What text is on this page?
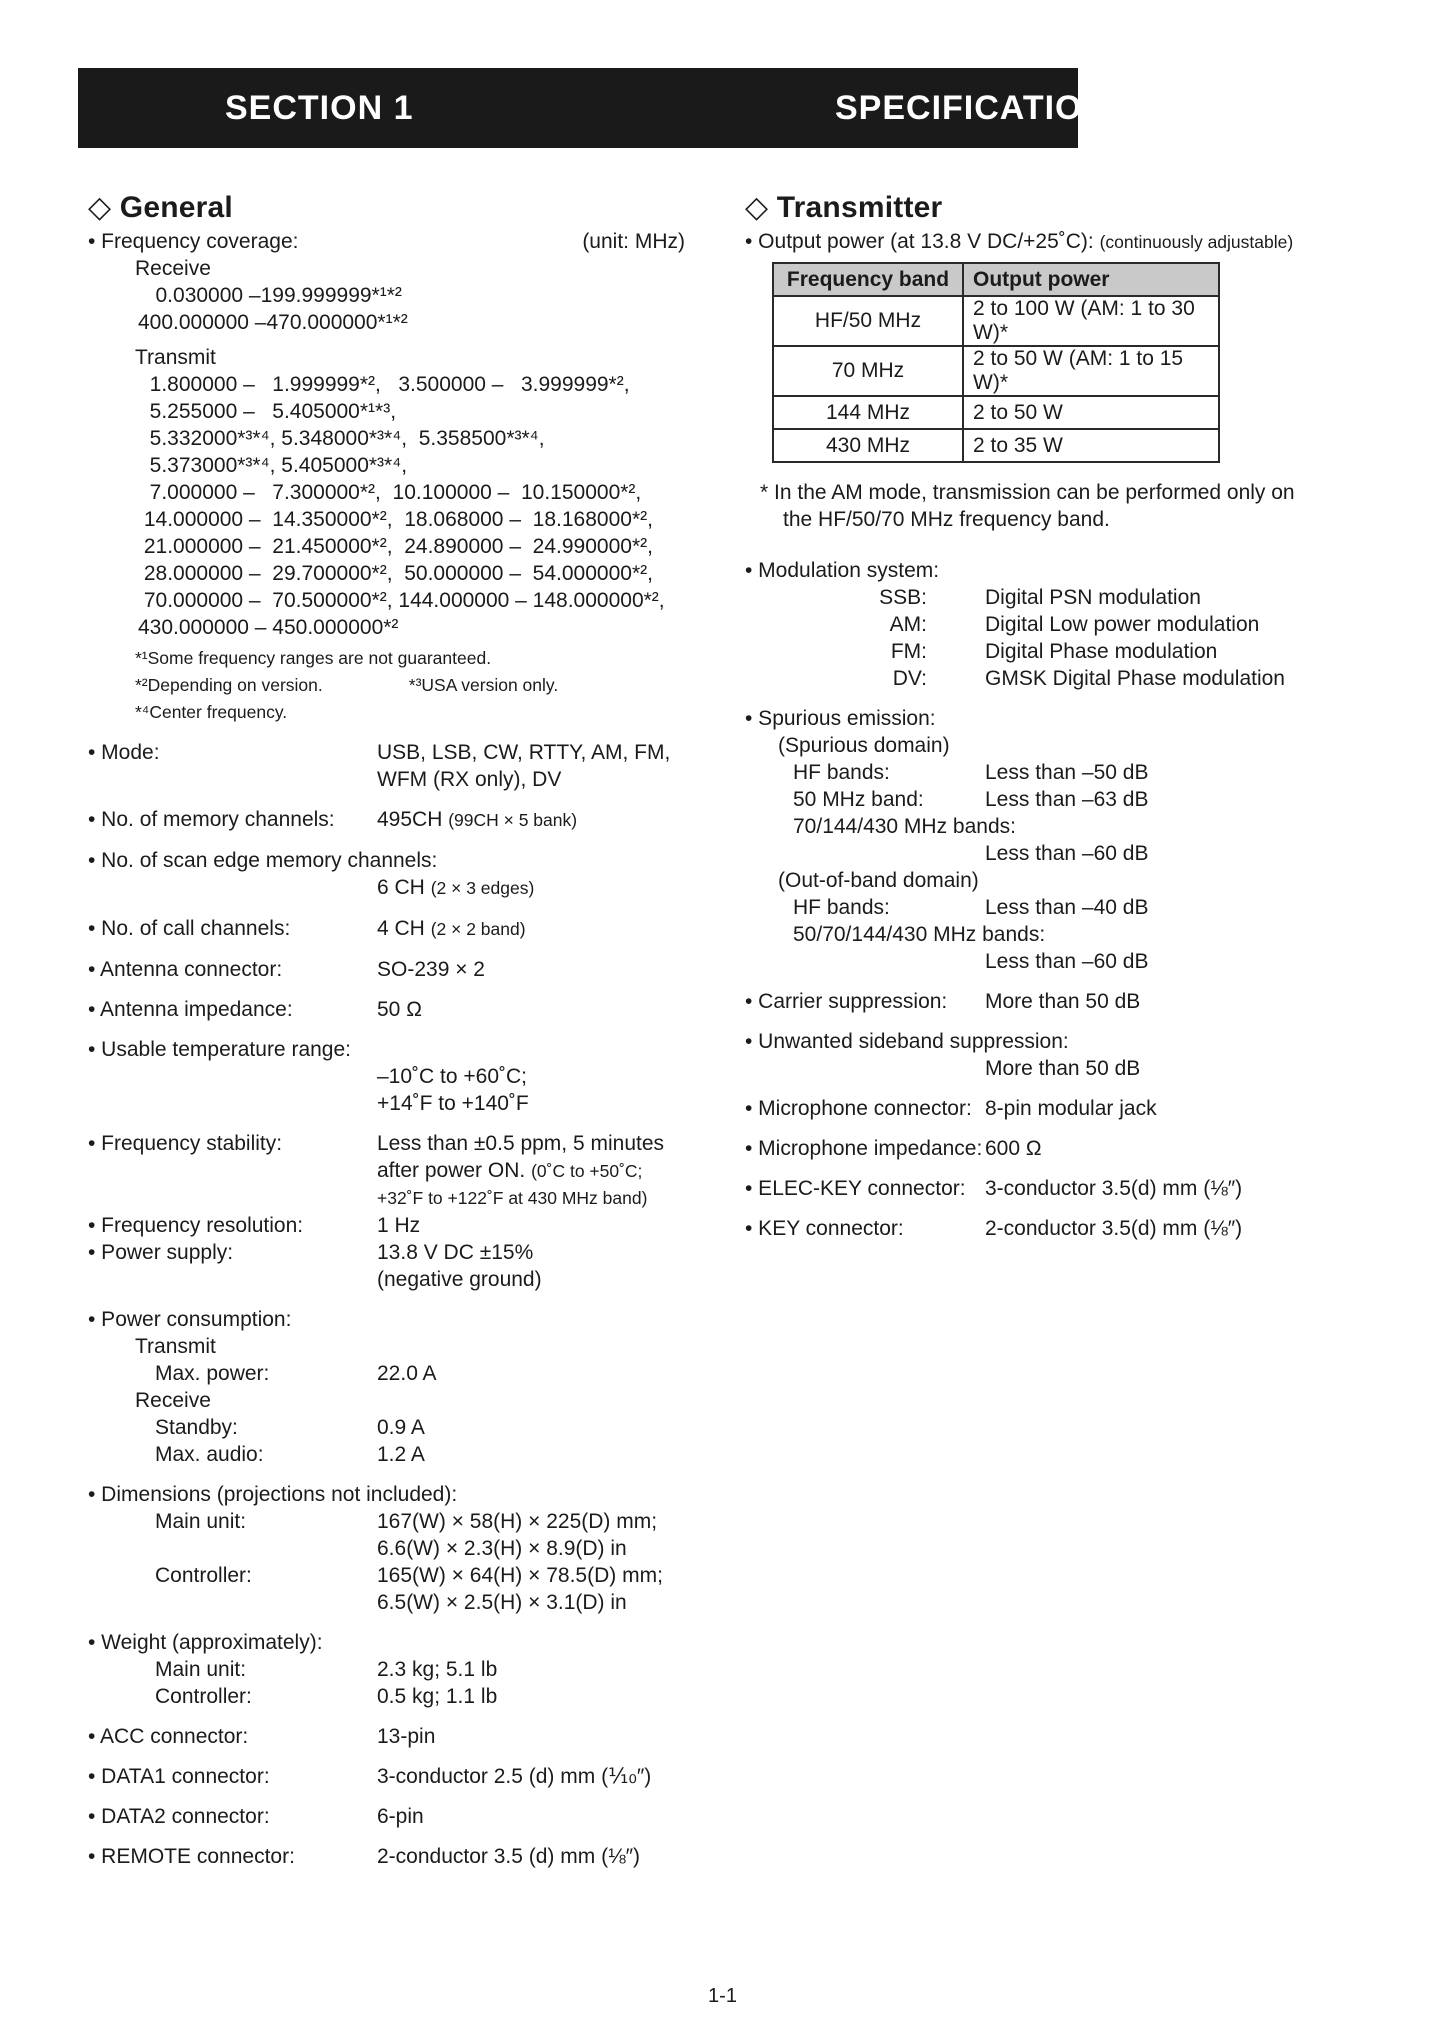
SECTION 1	SPECIFICATIONS
◇ General
• Frequency coverage:	(unit: MHz)
Receive
0.030000 –199.999999*¹*²
400.000000 –470.000000*¹*²
Transmit
1.800000 –   1.999999*²,   3.500000 –   3.999999*²,
5.255000 –   5.405000*¹*³,
5.332000*³*⁴, 5.348000*³*⁴,  5.358500*³*⁴,
5.373000*³*⁴, 5.405000*³*⁴,
7.000000 –   7.300000*²,  10.100000 –  10.150000*²,
14.000000 –  14.350000*²,  18.068000 –  18.168000*²,
21.000000 –  21.450000*²,  24.890000 –  24.990000*²,
28.000000 –  29.700000*²,  50.000000 –  54.000000*²,
70.000000 –  70.500000*², 144.000000 – 148.000000*²,
430.000000 – 450.000000*²
*¹Some frequency ranges are not guaranteed.
*²Depending on version.	*³USA version only.
*⁴Center frequency.
• Mode:	USB, LSB, CW, RTTY, AM, FM,
WFM (RX only), DV
• No. of memory channels:	495CH (99CH × 5 bank)
• No. of scan edge memory channels:
6 CH (2 × 3 edges)
• No. of call channels:	4 CH (2 × 2 band)
• Antenna connector:	SO-239 × 2
• Antenna impedance:	50 Ω
• Usable temperature range:
–10˚C to +60˚C;
+14˚F to +140˚F
• Frequency stability:	Less than ±0.5 ppm, 5 minutes
after power ON. (0˚C to +50˚C;
+32˚F to +122˚F at 430 MHz band)
• Frequency resolution:	1 Hz
• Power supply:	13.8 V DC ±15%
(negative ground)
• Power consumption:
Transmit
Max. power:	22.0 A
Receive
Standby:	0.9 A
Max. audio:	1.2 A
• Dimensions (projections not included):
Main unit:	167(W) × 58(H) × 225(D) mm;
6.6(W) × 2.3(H) × 8.9(D) in
Controller:	165(W) × 64(H) × 78.5(D) mm;
6.5(W) × 2.5(H) × 3.1(D) in
• Weight (approximately):
Main unit:	2.3 kg; 5.1 lb
Controller:	0.5 kg; 1.1 lb
• ACC connector:	13-pin
• DATA1 connector:	3-conductor 2.5 (d) mm (⅒″)
• DATA2 connector:	6-pin
• REMOTE connector:	2-conductor 3.5 (d) mm (⅛″)
◇ Transmitter
• Output power (at 13.8 V DC/+25˚C): (continuously adjustable)
Frequency band	Output power
HF/50 MHz	2 to 100 W (AM: 1 to 30 W)*
70 MHz	2 to 50 W (AM: 1 to 15 W)*
144 MHz	2 to 50 W
430 MHz	2 to 35 W
* In the AM mode, transmission can be performed only on
the HF/50/70 MHz frequency band.
• Modulation system:
SSB:	Digital PSN modulation
AM:	Digital Low power modulation
FM:	Digital Phase modulation
DV:	GMSK Digital Phase modulation
• Spurious emission:
(Spurious domain)
HF bands:	Less than –50 dB
50 MHz band:	Less than –63 dB
70/144/430 MHz bands:
Less than –60 dB
(Out-of-band domain)
HF bands:	Less than –40 dB
50/70/144/430 MHz bands:
Less than –60 dB
• Carrier suppression:	More than 50 dB
• Unwanted sideband suppression:
More than 50 dB
• Microphone connector: 8-pin modular jack
• Microphone impedance: 600 Ω
• ELEC-KEY connector: 3-conductor 3.5(d) mm (⅛″)
• KEY connector:	2-conductor 3.5(d) mm (⅛″)
1-1
